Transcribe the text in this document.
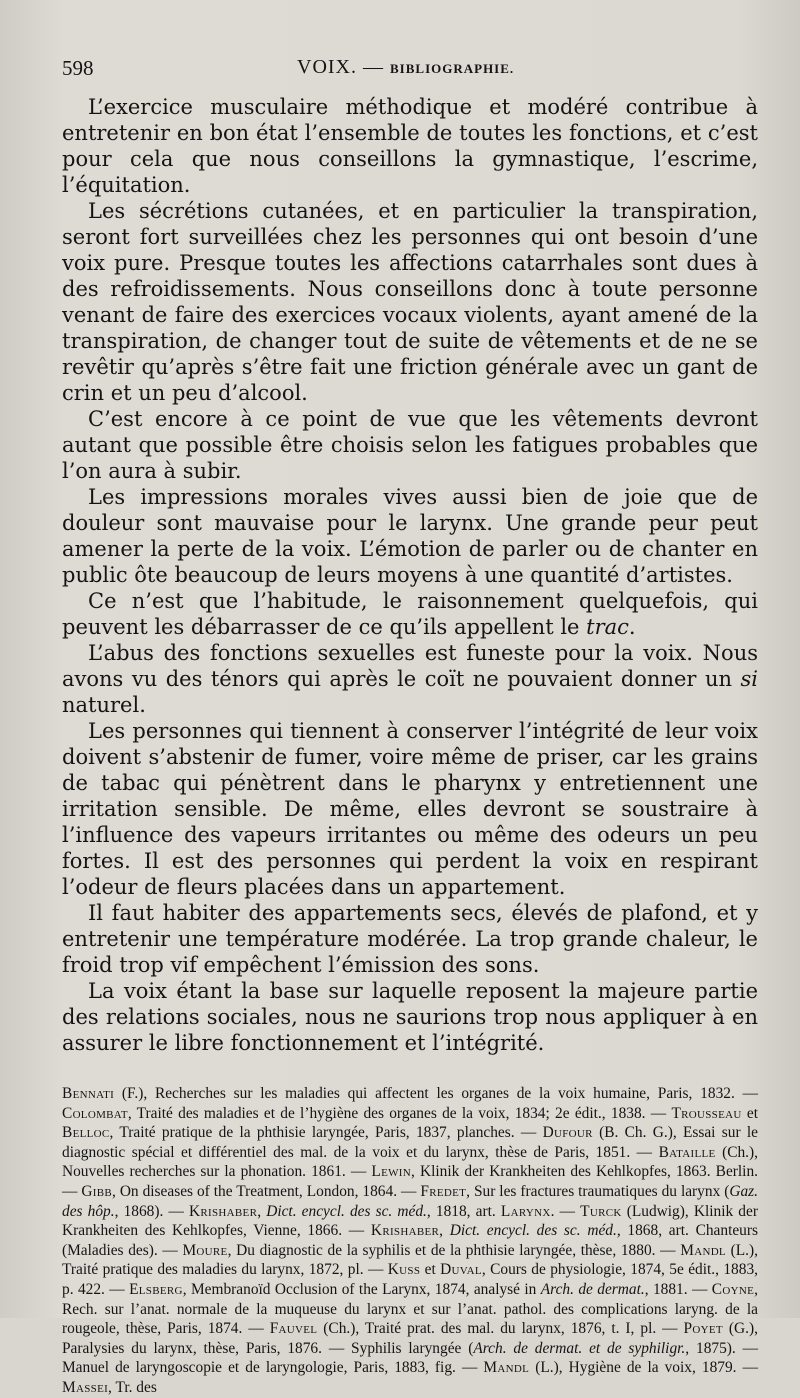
598	VOIX. — BIBLIOGRAPHIE.

L’exercice musculaire méthodique et modéré contribue à entretenir en bon état l’ensemble de toutes les fonctions, et c’est pour cela que nous conseillons la gymnastique, l’escrime, l’équitation.

Les sécrétions cutanées, et en particulier la transpiration, seront fort surveillées chez les personnes qui ont besoin d’une voix pure. Presque toutes les affections catarrhales sont dues à des refroidissements. Nous conseillons donc à toute personne venant de faire des exercices vocaux violents, ayant amené de la transpiration, de changer tout de suite de vêtements et de ne se revêtir qu’après s’être fait une friction générale avec un gant de crin et un peu d’alcool.

C’est encore à ce point de vue que les vêtements devront autant que possible être choisis selon les fatigues probables que l’on aura à subir.

Les impressions morales vives aussi bien de joie que de douleur sont mauvaise pour le larynx. Une grande peur peut amener la perte de la voix. L’émotion de parler ou de chanter en public ôte beaucoup de leurs moyens à une quantité d’artistes.

Ce n’est que l’habitude, le raisonnement quelquefois, qui peuvent les débarrasser de ce qu’ils appellent le trac.

L’abus des fonctions sexuelles est funeste pour la voix. Nous avons vu des ténors qui après le coït ne pouvaient donner un si naturel.

Les personnes qui tiennent à conserver l’intégrité de leur voix doivent s’abstenir de fumer, voire même de priser, car les grains de tabac qui pénètrent dans le pharynx y entretiennent une irritation sensible. De même, elles devront se soustraire à l’influence des vapeurs irritantes ou même des odeurs un peu fortes. Il est des personnes qui perdent la voix en respirant l’odeur de fleurs placées dans un appartement.

Il faut habiter des appartements secs, élevés de plafond, et y entretenir une température modérée. La trop grande chaleur, le froid trop vif empêchent l’émission des sons.

La voix étant la base sur laquelle reposent la majeure partie des relations sociales, nous ne saurions trop nous appliquer à en assurer le libre fonctionnement et l’intégrité.

Bennati (F.), Recherches sur les maladies qui affectent les organes de la voix humaine, Paris, 1832. — Colombat, Traité des maladies et de l’hygiène des organes de la voix, 1834; 2e édit., 1838. — Trousseau et Belloc, Traité pratique de la phthisie laryngée, Paris, 1837, planches. — Dufour (B. Ch. G.), Essai sur le diagnostic spécial et différentiel des mal. de la voix et du larynx, thèse de Paris, 1851. — Bataille (Ch.), Nouvelles recherches sur la phonation. 1861. — Lewin, Klinik der Krankheiten des Kehlkopfes, 1863. Berlin. — Gibb, On diseases of the Treatment, London, 1864. — Fredet, Sur les fractures traumatiques du larynx (Gaz. des hôp., 1868). — Krishaber, Dict. encycl. des sc. méd., 1818, art. Larynx. — Turck (Ludwig), Klinik der Krankheiten des Kehlkopfes, Vienne, 1866. — Krishaber, Dict. encycl. des sc. méd., 1868, art. Chanteurs (Maladies des). — Moure, Du diagnostic de la syphilis et de la phthisie laryngée, thèse, 1880. — Mandl (L.), Traité pratique des maladies du larynx, 1872, pl. — Kuss et Duval, Cours de physiologie, 1874, 5e édit., 1883, p. 422. — Elsberg, Membranoïd Occlusion of the Larynx, 1874, analysé in Arch. de dermat., 1881. — Coyne, Rech. sur l’anat. normale de la muqueuse du larynx et sur l’anat. pathol. des complications laryng. de la rougeole, thèse, Paris, 1874. — Fauvel (Ch.), Traité prat. des mal. du larynx, 1876, t. I, pl. — Poyet (G.), Paralysies du larynx, thèse, Paris, 1876. — Syphilis laryngée (Arch. de dermat. et de syphiligr., 1875). — Manuel de laryngoscopie et de laryngologie, Paris, 1883, fig. — Mandl (L.), Hygiène de la voix, 1879. — Massei, Tr. des
